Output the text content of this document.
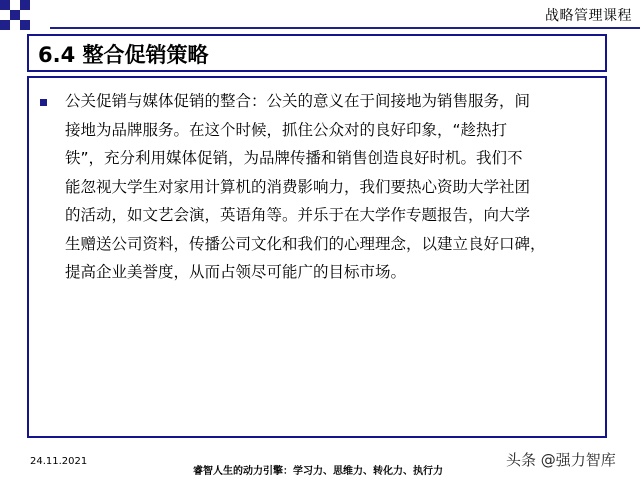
战略管理课程
6.4 整合促销策略

公关促销与媒体促销的整合：公关的意义在于间接地为销售服务，间
接地为品牌服务。在这个时候，抓住公众对的良好印象，“趁热打
铁”，充分利用媒体促销，为品牌传播和销售创造良好时机。我们不
能忽视大学生对家用计算机的消费影响力，我们要热心资助大学社团
的活动，如文艺会演，英语角等。并乐于在大学作专题报告，向大学
生赠送公司资料，传播公司文化和我们的心理理念，以建立良好口碑，
提高企业美誉度，从而占领尽可能广的目标市场。

24.11.2021
睿智人生的动力引擎：学习力、思维力、转化力、执行力
头条 @强力智库
